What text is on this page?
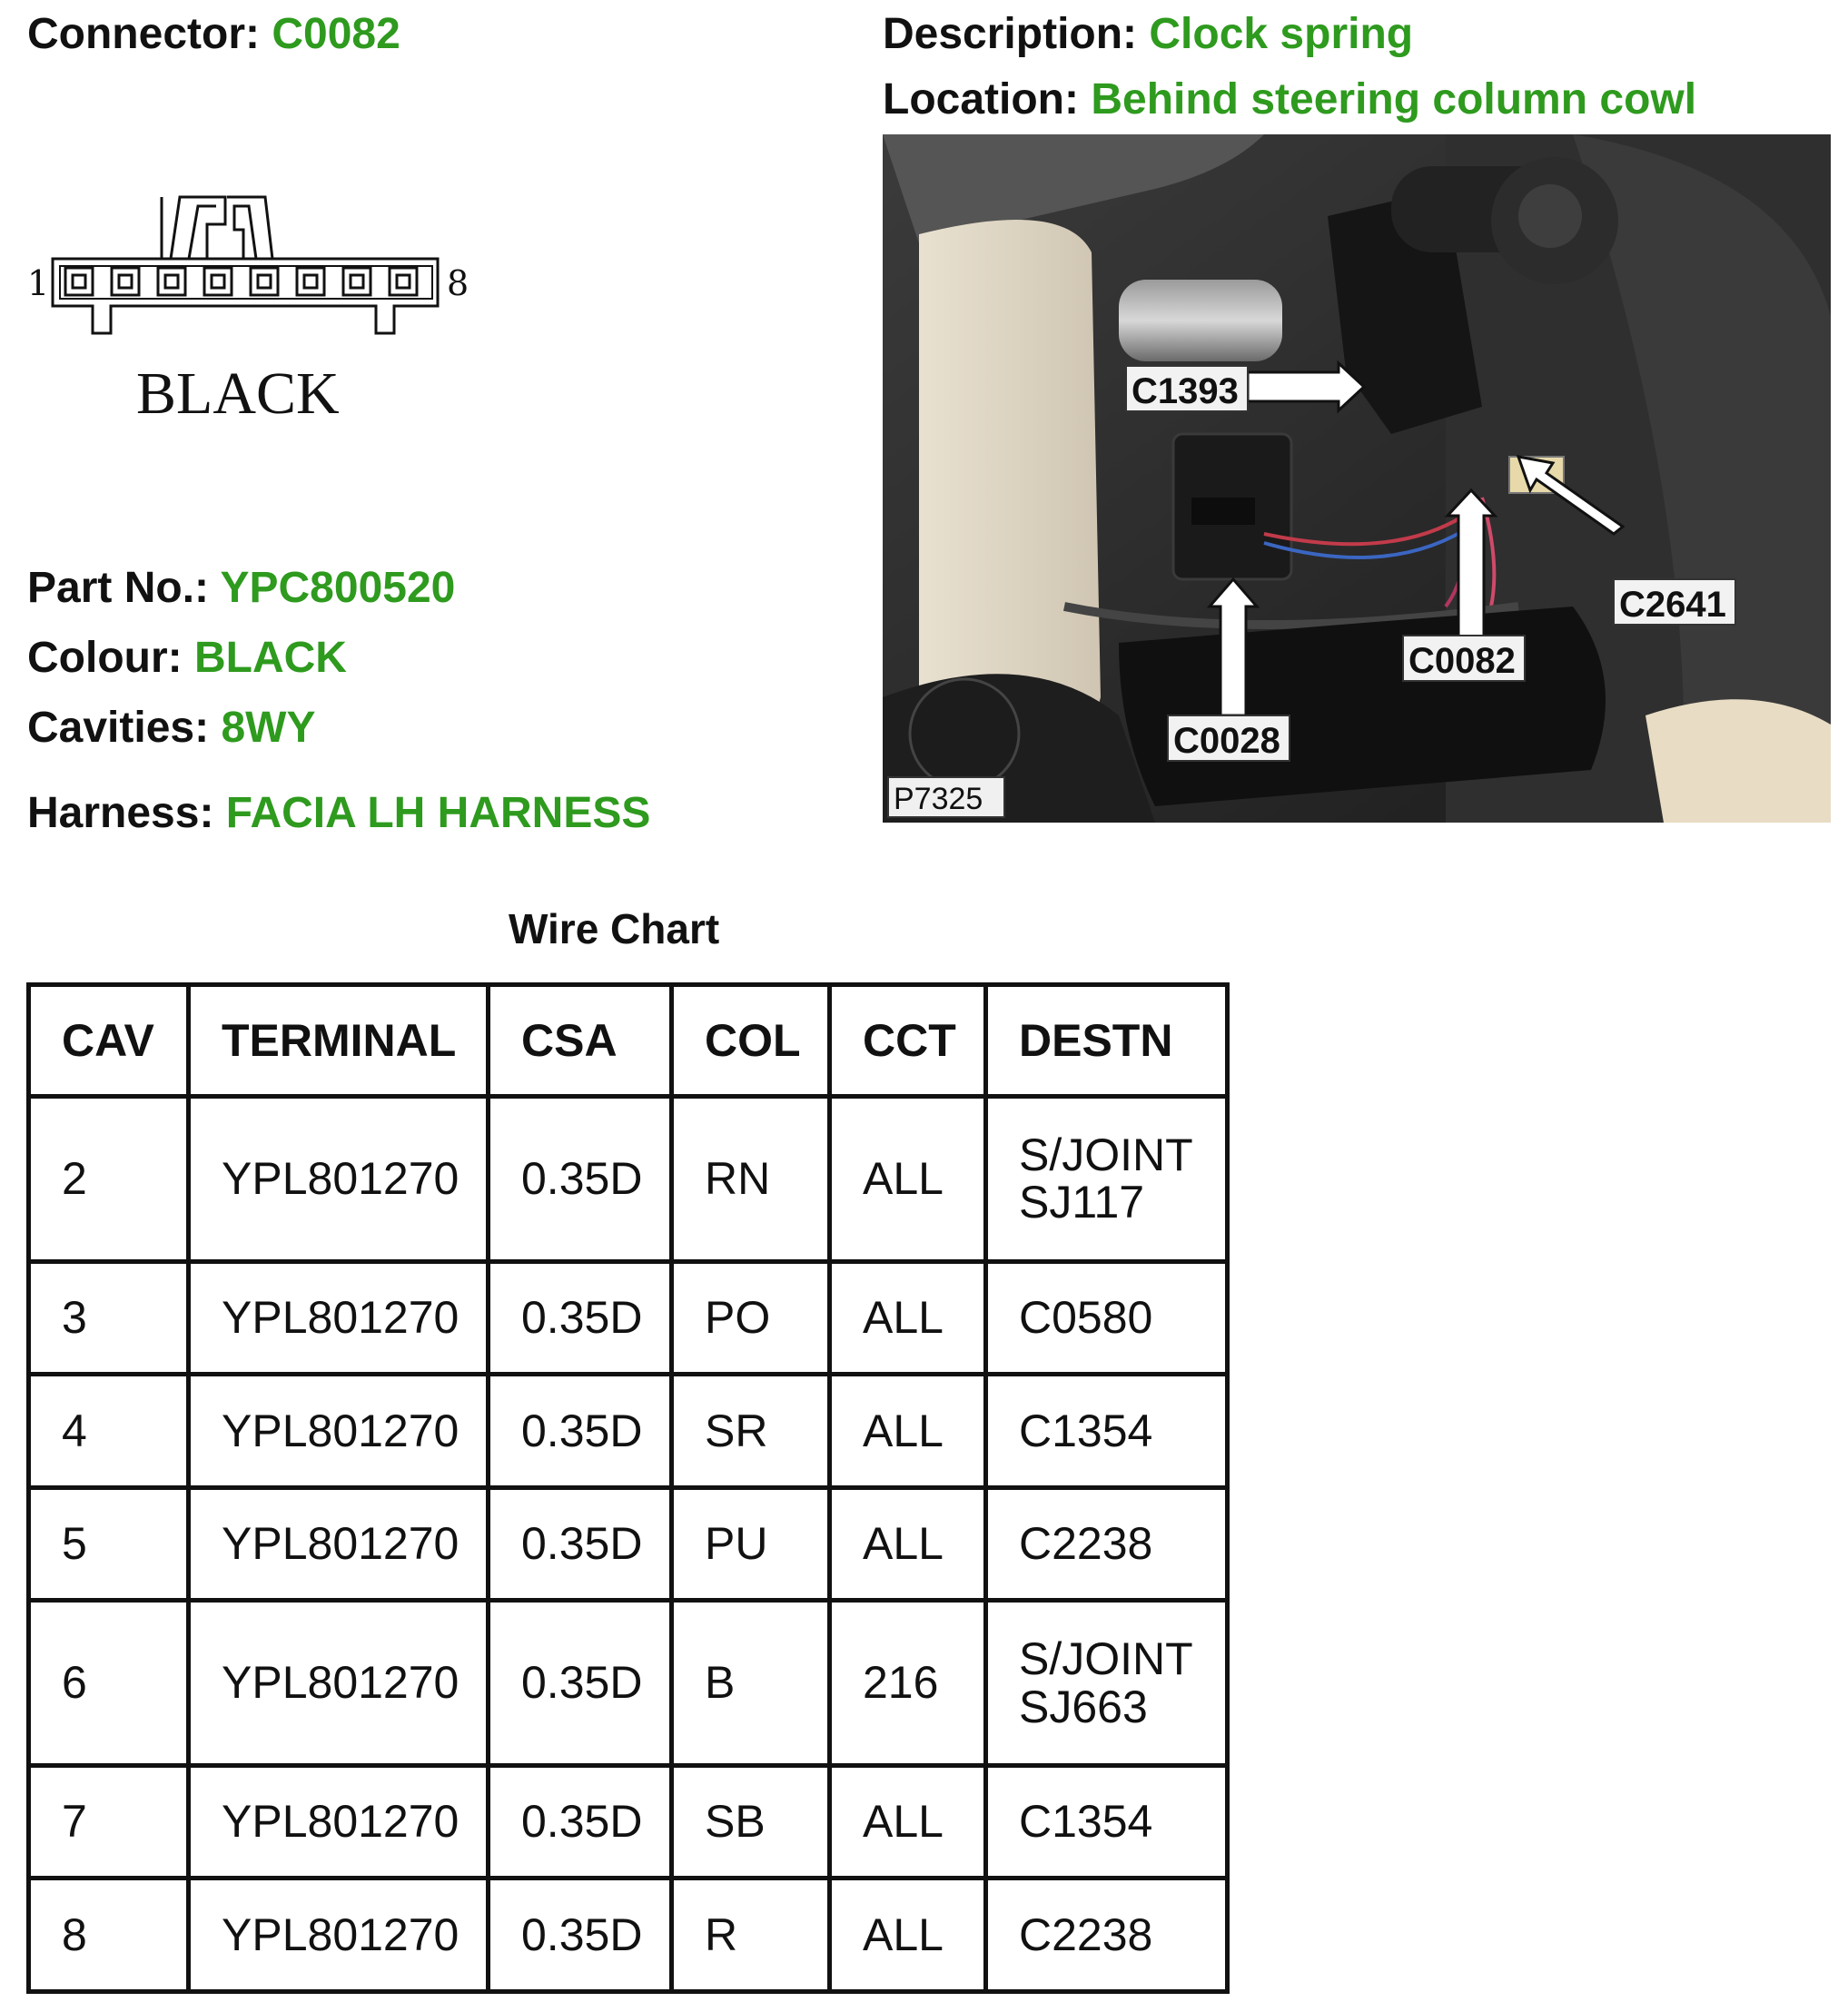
Connector: C0082	Description: Clock spring
Location: Behind steering column cowl
1	8
BLACK
Part No.: YPC800520
Colour: BLACK
Cavities: 8WY
Harness: FACIA LH HARNESS
C1393
C2641
C0082
C0028
P7325
Wire Chart
CAV	TERMINAL	CSA	COL	CCT	DESTN
2	YPL801270	0.35D	RN	ALL	S/JOINT
SJ117

3	YPL801270	0.35D	PO	ALL	C0580
4	YPL801270	0.35D	SR	ALL	C1354
5	YPL801270	0.35D	PU	ALL	C2238
6	YPL801270	0.35D	B	216	S/JOINT
SJ663

7	YPL801270	0.35D	SB	ALL	C1354
8	YPL801270	0.35D	R	ALL	C2238
